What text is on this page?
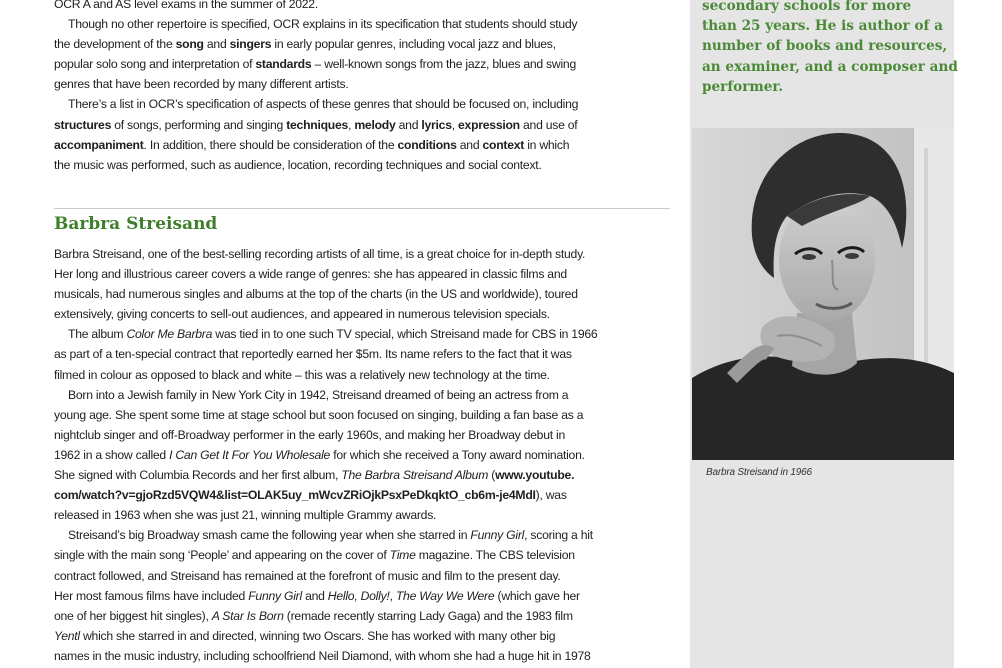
OCR A and AS level exams in the summer of 2022.

Though no other repertoire is specified, OCR explains in its specification that students should study

the development of the song and singers in early popular genres, including vocal jazz and blues,

popular solo song and interpretation of standards – well-known songs from the jazz, blues and swing

genres that have been recorded by many different artists.

There’s a list in OCR’s specification of aspects of these genres that should be focused on, including

structures of songs, performing and singing techniques, melody and lyrics, expression and use of

accompaniment. In addition, there should be consideration of the conditions and context in which

the music was performed, such as audience, location, recording techniques and social context.

Barbra Streisand

Barbra Streisand, one of the best-selling recording artists of all time, is a great choice for in-depth study.

Her long and illustrious career covers a wide range of genres: she has appeared in classic films and

musicals, had numerous singles and albums at the top of the charts (in the US and worldwide), toured

extensively, giving concerts to sell-out audiences, and appeared in numerous television specials.

The album Color Me Barbra was tied in to one such TV special, which Streisand made for CBS in 1966

as part of a ten-special contract that reportedly earned her $5m. Its name refers to the fact that it was

filmed in colour as opposed to black and white – this was a relatively new technology at the time.

Born into a Jewish family in New York City in 1942, Streisand dreamed of being an actress from a

young age. She spent some time at stage school but soon focused on singing, building a fan base as a

nightclub singer and off-Broadway performer in the early 1960s, and making her Broadway debut in

1962 in a show called I Can Get It For You Wholesale for which she received a Tony award nomination.

She signed with Columbia Records and her first album, The Barbra Streisand Album (www.youtube.

com/watch?v=gjoRzd5VQW4&list=OLAK5uy_mWcvZRiOjkPsxPeDkqktO_cb6m-je4MdI), was

released in 1963 when she was just 21, winning multiple Grammy awards.

Streisand’s big Broadway smash came the following year when she starred in Funny Girl, scoring a hit

single with the main song ‘People’ and appearing on the cover of Time magazine. The CBS television

contract followed, and Streisand has remained at the forefront of music and film to the present day.

Her most famous films have included Funny Girl and Hello, Dolly!, The Way We Were (which gave her

one of her biggest hit singles), A Star Is Born (remade recently starring Lady Gaga) and the 1983 film

Yentl which she starred in and directed, winning two Oscars. She has worked with many other big

names in the music industry, including schoolfriend Neil Diamond, with whom she had a huge hit in 1978

secondary schools for more
than 25 years. He is author of a
number of books and resources,
an examiner, and a composer and
performer.
Barbra Streisand in 1966
